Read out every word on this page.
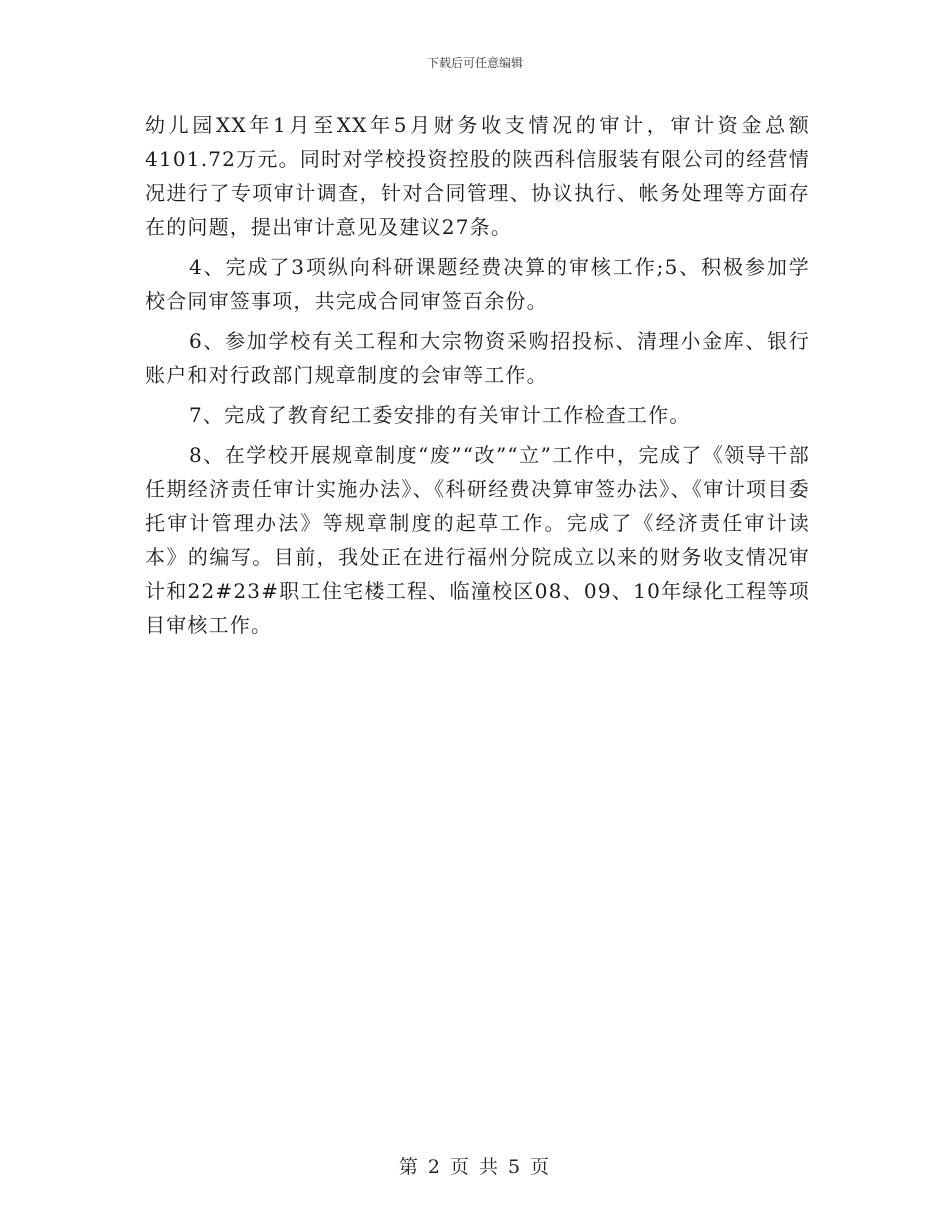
下载后可任意编辑

幼儿园XX年1月至XX年5月财务收支情况的审计，审计资金总额4101.72万元。同时对学校投资控股的陕西科信服装有限公司的经营情况进行了专项审计调查，针对合同管理、协议执行、帐务处理等方面存在的问题，提出审计意见及建议27条。

4、完成了3项纵向科研课题经费决算的审核工作;5、积极参加学校合同审签事项，共完成合同审签百余份。

6、参加学校有关工程和大宗物资采购招投标、清理小金库、银行账户和对行政部门规章制度的会审等工作。

7、完成了教育纪工委安排的有关审计工作检查工作。

8、在学校开展规章制度“废”“改”“立”工作中，完成了《领导干部任期经济责任审计实施办法》、《科研经费决算审签办法》、《审计项目委托审计管理办法》等规章制度的起草工作。完成了《经济责任审计读本》的编写。目前，我处正在进行福州分院成立以来的财务收支情况审计和22#23#职工住宅楼工程、临潼校区08、09、10年绿化工程等项目审核工作。

第 2 页 共 5 页
